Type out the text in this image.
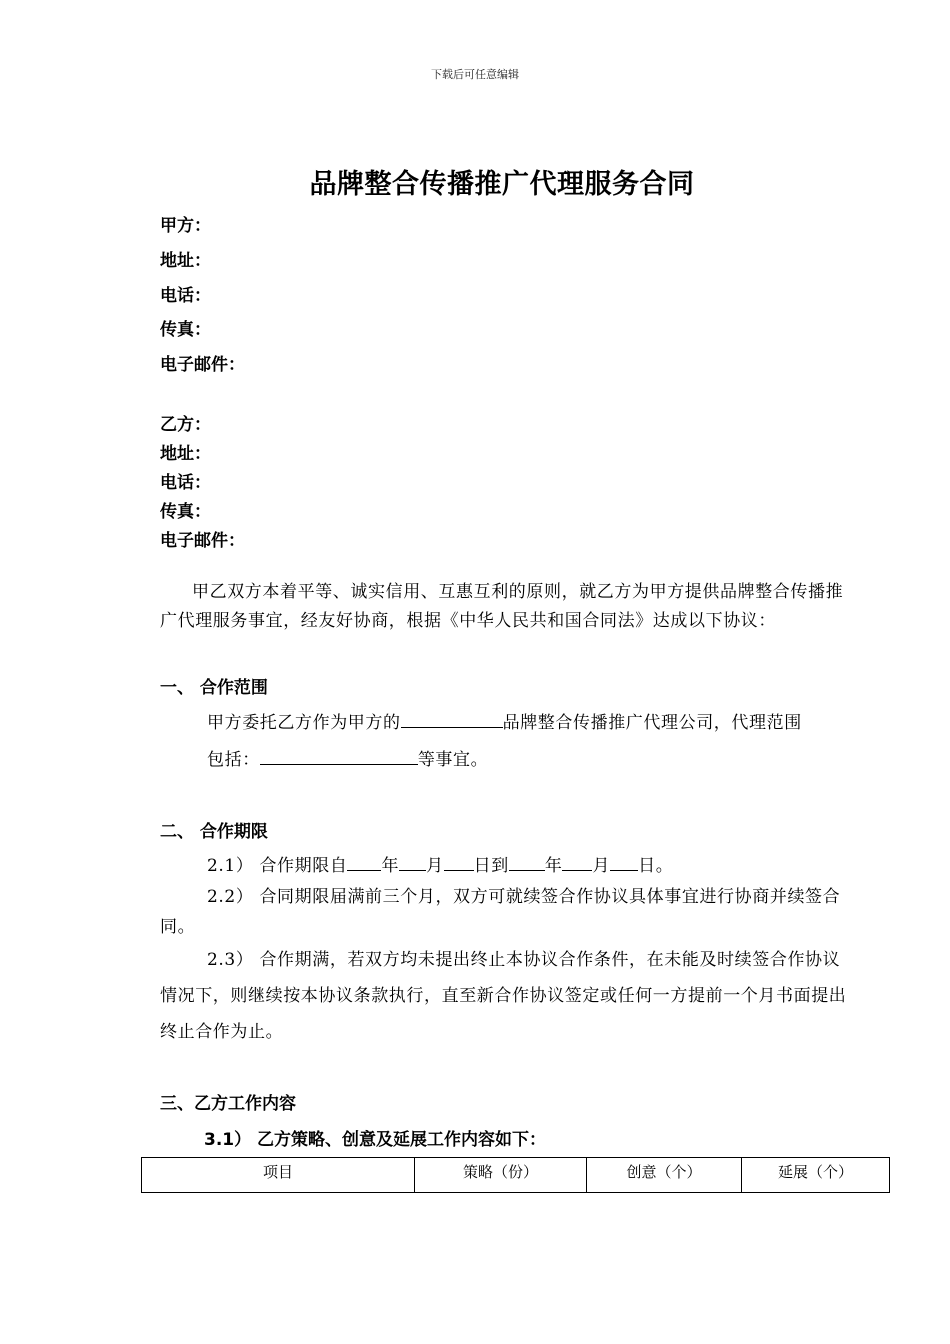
下载后可任意编辑
品牌整合传播推广代理服务合同
甲方：
地址：
电话：
传真：
电子邮件：
乙方：
地址：
电话：
传真：
电子邮件：
甲乙双方本着平等、诚实信用、互惠互利的原则，就乙方为甲方提供品牌整合传播推广代理服务事宜，经友好协商，根据《中华人民共和国合同法》达成以下协议：
一、 合作范围
甲方委托乙方作为甲方的	品牌整合传播推广代理公司，代理范围
包括：	等事宜。
二、 合作期限
2.1） 合作期限自 年 月 日到 年 月 日。
2.2） 合同期限届满前三个月，双方可就续签合作协议具体事宜进行协商并续签合同。
2.3） 合作期满，若双方均未提出终止本协议合作条件，在未能及时续签合作协议情况下，则继续按本协议条款执行，直至新合作协议签定或任何一方提前一个月书面提出终止合作为止。
三、乙方工作内容
3.1） 乙方策略、创意及延展工作内容如下：
项目	策略（份）	创意（个）	延展（个）
